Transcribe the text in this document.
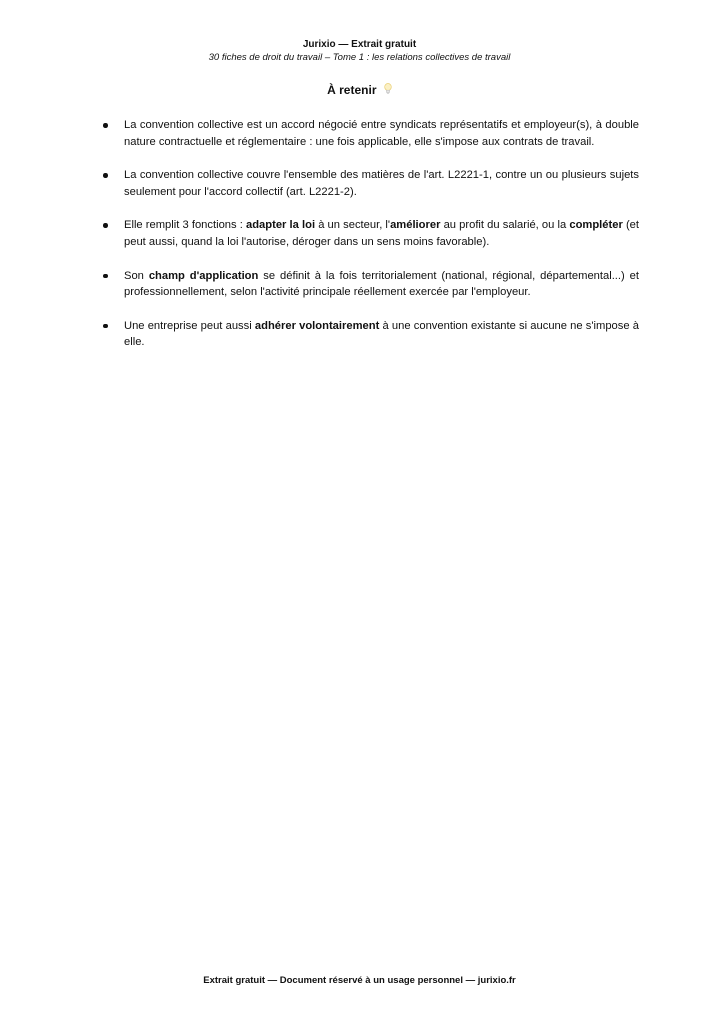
Jurixio — Extrait gratuit
30 fiches de droit du travail – Tome 1 : les relations collectives de travail
À retenir
La convention collective est un accord négocié entre syndicats représentatifs et employeur(s), à double nature contractuelle et réglementaire : une fois applicable, elle s'impose aux contrats de travail.
La convention collective couvre l'ensemble des matières de l'art. L2221-1, contre un ou plusieurs sujets seulement pour l'accord collectif (art. L2221-2).
Elle remplit 3 fonctions : adapter la loi à un secteur, l'améliorer au profit du salarié, ou la compléter (et peut aussi, quand la loi l'autorise, déroger dans un sens moins favorable).
Son champ d'application se définit à la fois territorialement (national, régional, départemental...) et professionnellement, selon l'activité principale réellement exercée par l'employeur.
Une entreprise peut aussi adhérer volontairement à une convention existante si aucune ne s'impose à elle.
Extrait gratuit — Document réservé à un usage personnel — jurixio.fr
